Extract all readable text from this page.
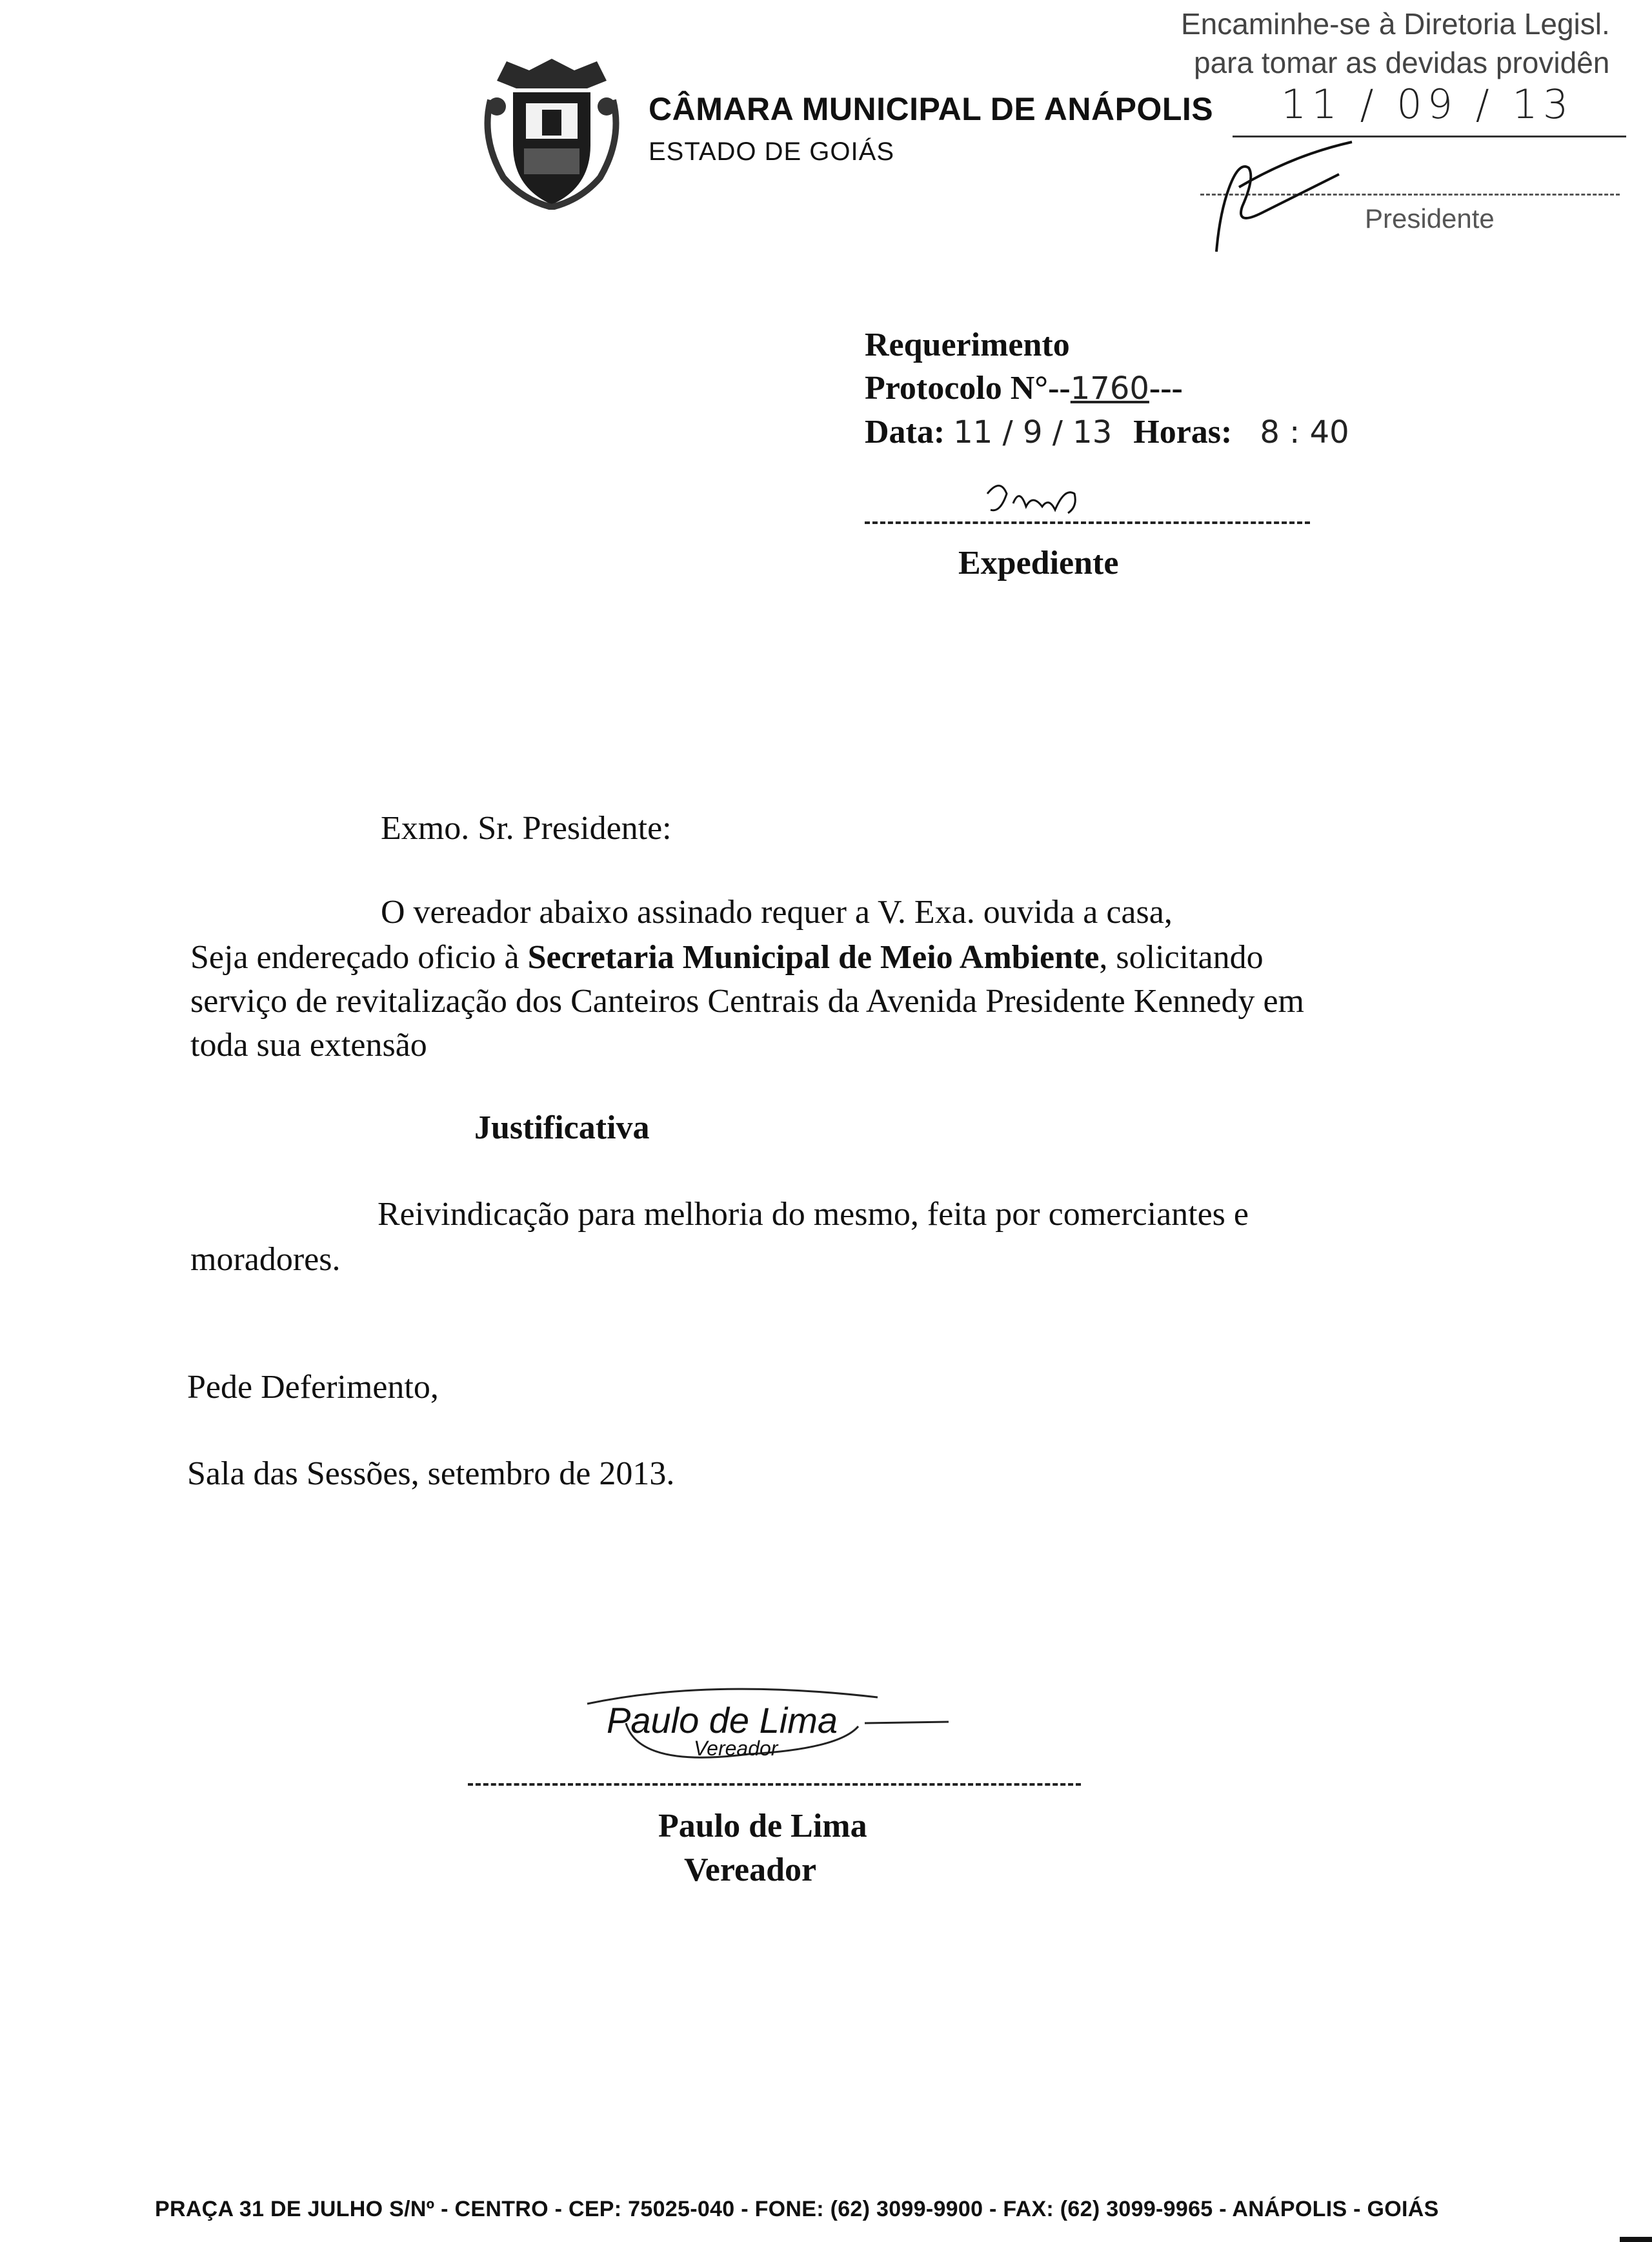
CÂMARA MUNICIPAL DE ANÁPOLIS
ESTADO DE GOIÁS
Encaminhe-se à Diretoria Legisl.
para tomar as devidas providên
11 / 09 / 13
Presidente
Requerimento
Protocolo N°--1760---
Data: 11 / 9 / 13 Horas: 8 : 40
Expediente
Exmo. Sr. Presidente:
O vereador abaixo assinado requer a V. Exa. ouvida a casa,
Seja endereçado oficio à Secretaria Municipal de Meio Ambiente, solicitando
serviço de revitalização dos Canteiros Centrais da Avenida Presidente Kennedy em
toda sua extensão
Justificativa
Reivindicação para melhoria do mesmo, feita por comerciantes e
moradores.
Pede Deferimento,
Sala das Sessões, setembro de 2013.
Paulo de Lima
Vereador
Paulo de Lima
Vereador
PRAÇA 31 DE JULHO S/Nº - CENTRO - CEP: 75025-040 - FONE: (62) 3099-9900 - FAX: (62) 3099-9965 - ANÁPOLIS - GOIÁS
